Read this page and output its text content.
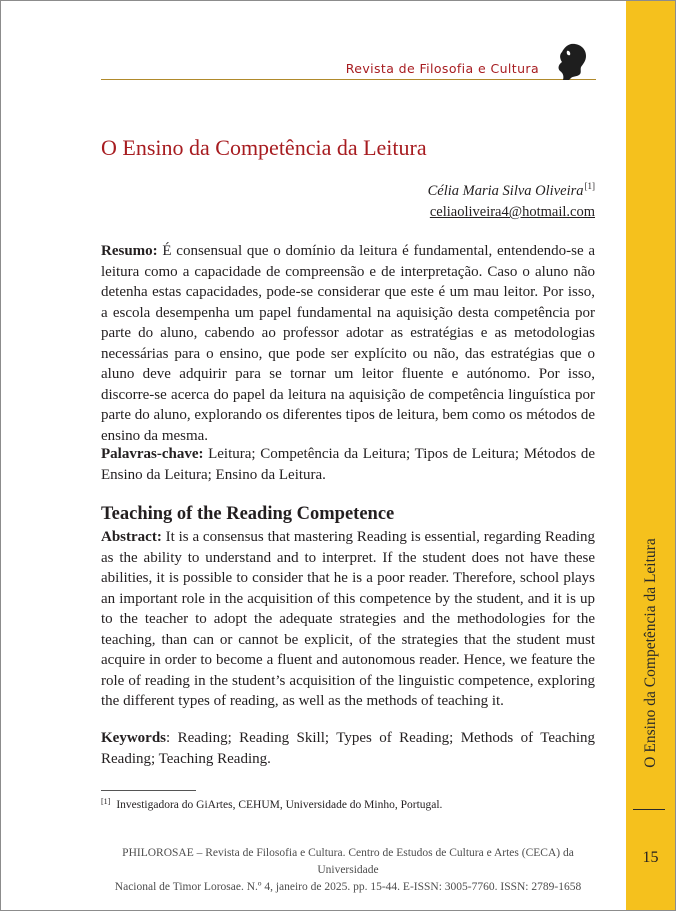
O Ensino da Competência da Leitura
15
Revista de Filosofia e Cultura
O Ensino da Competência da Leitura
Célia Maria Silva Oliveira[1]
celiaoliveira4@hotmail.com

Resumo: É consensual que o domínio da leitura é fundamental, entendendo-se a leitura como a capacidade de compreensão e de interpretação. Caso o aluno não detenha estas capacidades, pode-se considerar que este é um mau leitor. Por isso, a escola desempenha um papel fundamental na aquisição desta competência por parte do aluno, cabendo ao professor adotar as estratégias e as metodologias necessárias para o ensino, que pode ser explícito ou não, das estratégias que o aluno deve adquirir para se tornar um leitor fluente e autónomo. Por isso, discorre-se acerca do papel da leitura na aquisição de competência linguística por parte do aluno, explorando os diferentes tipos de leitura, bem como os métodos de ensino da mesma.

Palavras-chave: Leitura; Competência da Leitura; Tipos de Leitura; Métodos de Ensino da Leitura; Ensino da Leitura.

Teaching of the Reading Competence

Abstract: It is a consensus that mastering Reading is essential, regarding Reading as the ability to understand and to interpret. If the student does not have these abilities, it is possible to consider that he is a poor reader. Therefore, school plays an important role in the acquisition of this competence by the student, and it is up to the teacher to adopt the adequate strategies and the methodologies for the teaching, than can or cannot be explicit, of the strategies that the student must acquire in order to become a fluent and autonomous reader. Hence, we feature the role of reading in the student’s acquisition of the linguistic competence, exploring the different types of reading, as well as the methods of teaching it.

Keywords: Reading; Reading Skill; Types of Reading; Methods of Teaching Reading; Teaching Reading.

[1] Investigadora do GiArtes, CEHUM, Universidade do Minho, Portugal.
PHILOROSAE – Revista de Filosofia e Cultura. Centro de Estudos de Cultura e Artes (CECA) da Universidade
Nacional de Timor Lorosae. N.º 4, janeiro de 2025. pp. 15-44. E-ISSN: 3005-7760. ISSN: 2789-1658
